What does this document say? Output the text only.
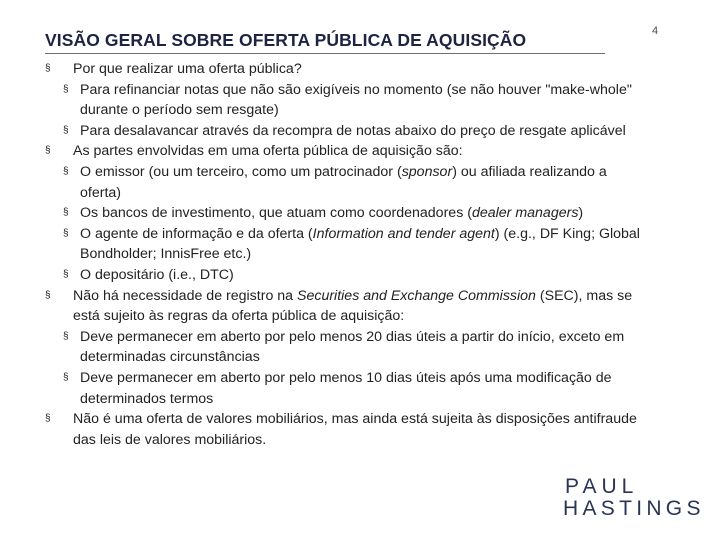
VISÃO GERAL SOBRE OFERTA PÚBLICA DE AQUISIÇÃO	4
§ Por que realizar uma oferta pública?
§ Para refinanciar notas que não são exigíveis no momento (se não houver "make-whole" durante o período sem resgate)
§ Para desalavancar através da recompra de notas abaixo do preço de resgate aplicável
§ As partes envolvidas em uma oferta pública de aquisição são:
§ O emissor (ou um terceiro, como um patrocinador (sponsor) ou afiliada realizando a oferta)
§ Os bancos de investimento, que atuam como coordenadores (dealer managers)
§ O agente de informação e da oferta (Information and tender agent) (e.g., DF King; Global Bondholder; InnisFree etc.)
§ O depositário (i.e., DTC)
§ Não há necessidade de registro na Securities and Exchange Commission (SEC), mas se está sujeito às regras da oferta pública de aquisição:
§ Deve permanecer em aberto por pelo menos 20 dias úteis a partir do início, exceto em determinadas circunstâncias
§ Deve permanecer em aberto por pelo menos 10 dias úteis após uma modificação de determinados termos
§ Não é uma oferta de valores mobiliários, mas ainda está sujeita às disposições antifraude das leis de valores mobiliários.
PAUL
HASTINGS
